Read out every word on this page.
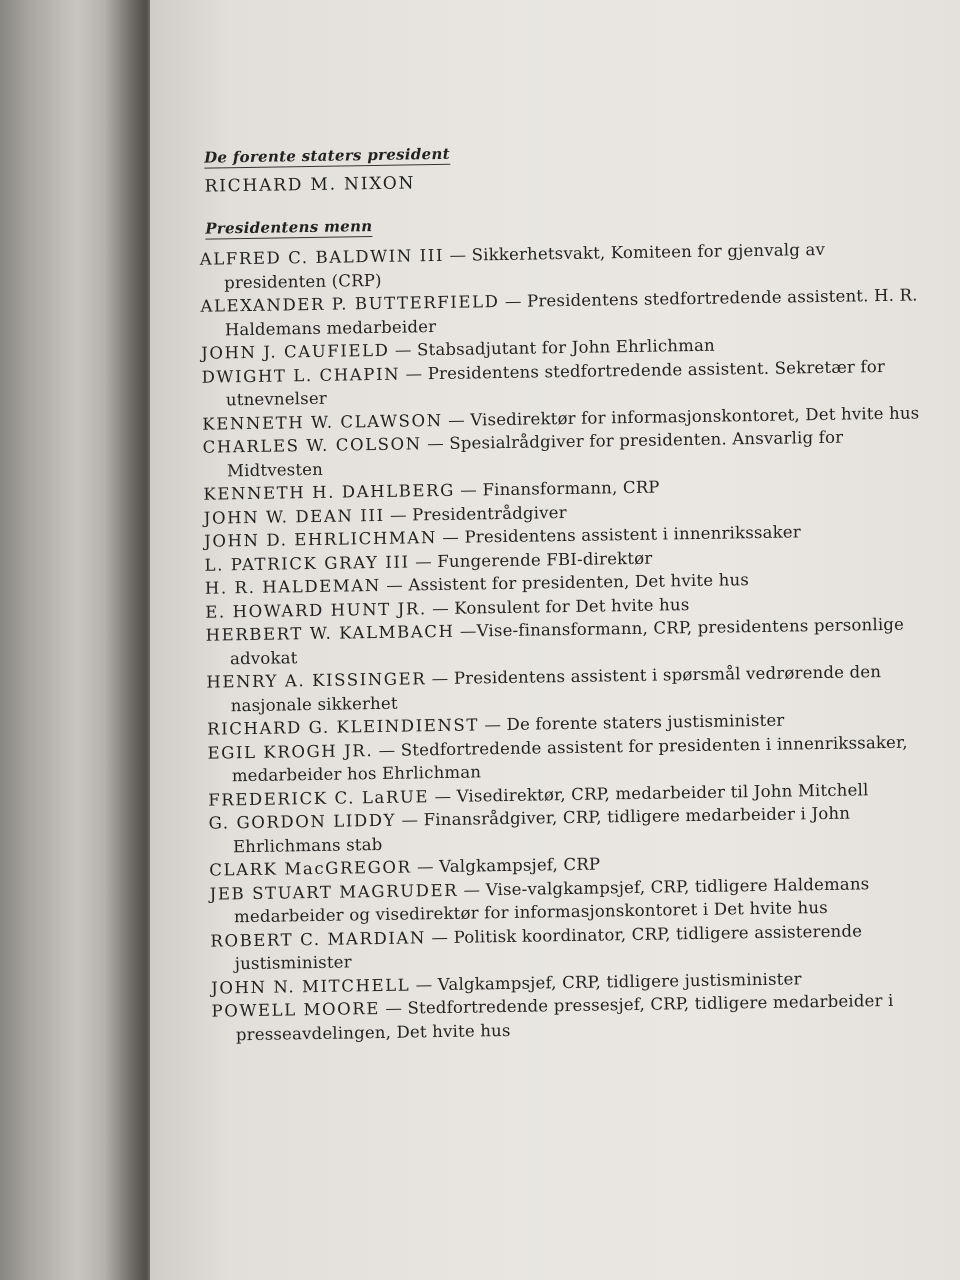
De forente staters president
RICHARD M. NIXON
Presidentens menn
ALFRED C. BALDWIN III — Sikkerhetsvakt, Komiteen for gjenvalg av presidenten (CRP)
ALEXANDER P. BUTTERFIELD — Presidentens stedfortredende assistent. H. R. Haldemans medarbeider
JOHN J. CAUFIELD — Stabsadjutant for John Ehrlichman
DWIGHT L. CHAPIN — Presidentens stedfortredende assistent. Sekretær for utnevnelser
KENNETH W. CLAWSON — Visedirektør for informasjonskontoret, Det hvite hus
CHARLES W. COLSON — Spesialrådgiver for presidenten. Ansvarlig for Midtvesten
KENNETH H. DAHLBERG — Finansformann, CRP
JOHN W. DEAN III — Presidentrådgiver
JOHN D. EHRLICHMAN — Presidentens assistent i innenrikssaker
L. PATRICK GRAY III — Fungerende FBI-direktør
H. R. HALDEMAN — Assistent for presidenten, Det hvite hus
E. HOWARD HUNT JR. — Konsulent for Det hvite hus
HERBERT W. KALMBACH —Vise-finansformann, CRP, presidentens personlige advokat
HENRY A. KISSINGER — Presidentens assistent i spørsmål vedrørende den nasjonale sikkerhet
RICHARD G. KLEINDIENST — De forente staters justisminister
EGIL KROGH JR. — Stedfortredende assistent for presidenten i innenrikssaker, medarbeider hos Ehrlichman
FREDERICK C. LaRUE — Visedirektør, CRP, medarbeider til John Mitchell
G. GORDON LIDDY — Finansrådgiver, CRP, tidligere medarbeider i John Ehrlichmans stab
CLARK MacGREGOR — Valgkampsjef, CRP
JEB STUART MAGRUDER — Vise-valgkampsjef, CRP, tidligere Haldemans medarbeider og visedirektør for informasjonskontoret i Det hvite hus
ROBERT C. MARDIAN — Politisk koordinator, CRP, tidligere assisterende justisminister
JOHN N. MITCHELL — Valgkampsjef, CRP, tidligere justisminister
POWELL MOORE — Stedfortredende pressesjef, CRP, tidligere medarbeider i presseavdelingen, Det hvite hus
